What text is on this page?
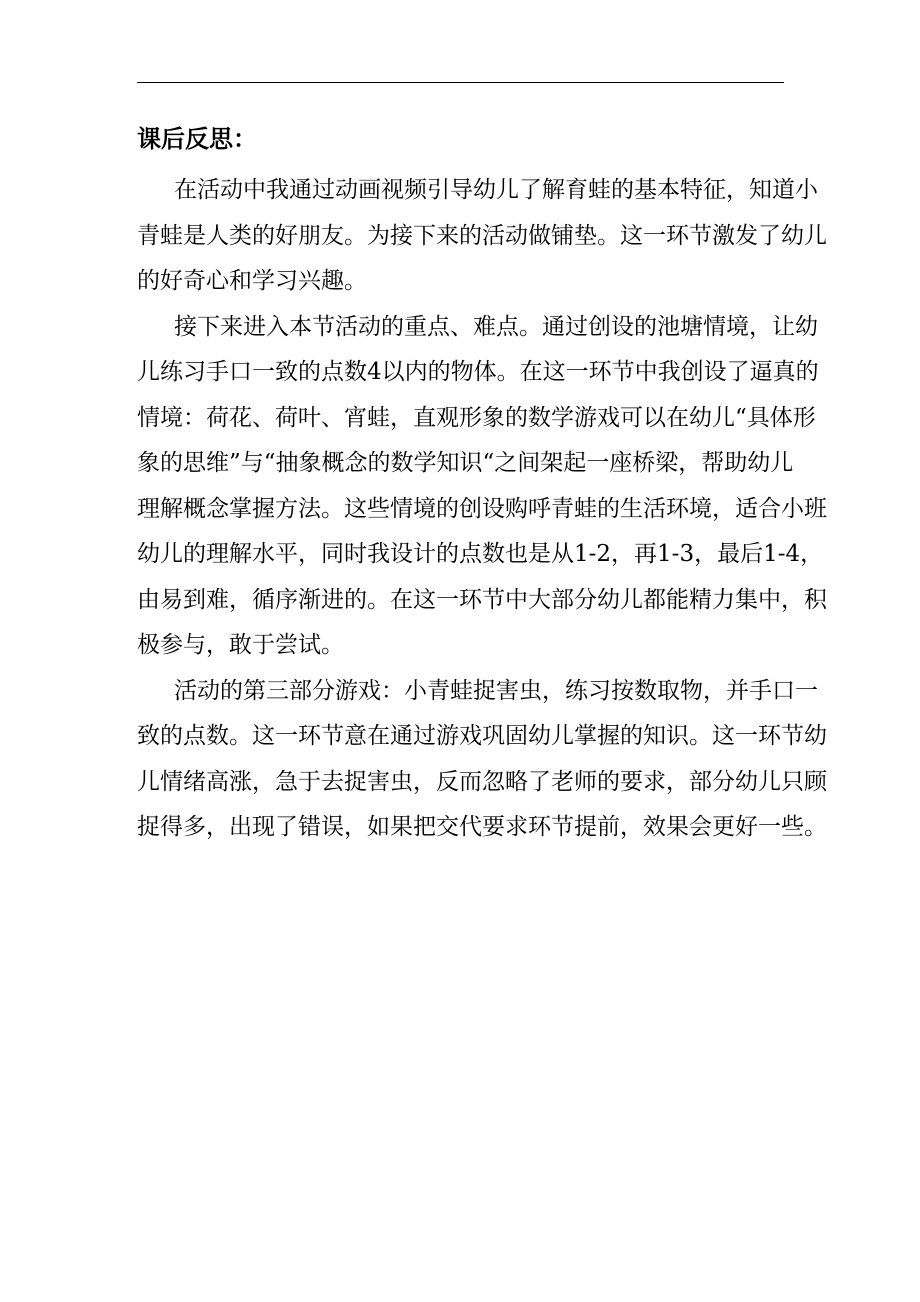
课后反思：

在活动中我通过动画视频引导幼儿了解育蛙的基本特征，知道小
青蛙是人类的好朋友。为接下来的活动做铺垫。这一环节激发了幼儿
的好奇心和学习兴趣。

接下来进入本节活动的重点、难点。通过创设的池塘情境，让幼
儿练习手口一致的点数4以内的物体。在这一环节中我创设了逼真的
情境：荷花、荷叶、宵蛙，直观形象的数学游戏可以在幼儿“具体形
象的思维”与“抽象概念的数学知识“之间架起一座桥梁，帮助幼儿
理解概念掌握方法。这些情境的创设购呼青蛙的生活环境，适合小班
幼儿的理解水平，同时我设计的点数也是从1-2，再1-3，最后1-4，
由易到难，循序渐进的。在这一环节中大部分幼儿都能精力集中，积
极参与，敢于尝试。

活动的第三部分游戏：小青蛙捉害虫，练习按数取物，并手口一
致的点数。这一环节意在通过游戏巩固幼儿掌握的知识。这一环节幼
儿情绪高涨，急于去捉害虫，反而忽略了老师的要求，部分幼儿只顾
捉得多，出现了错误，如果把交代要求环节提前，效果会更好一些。
